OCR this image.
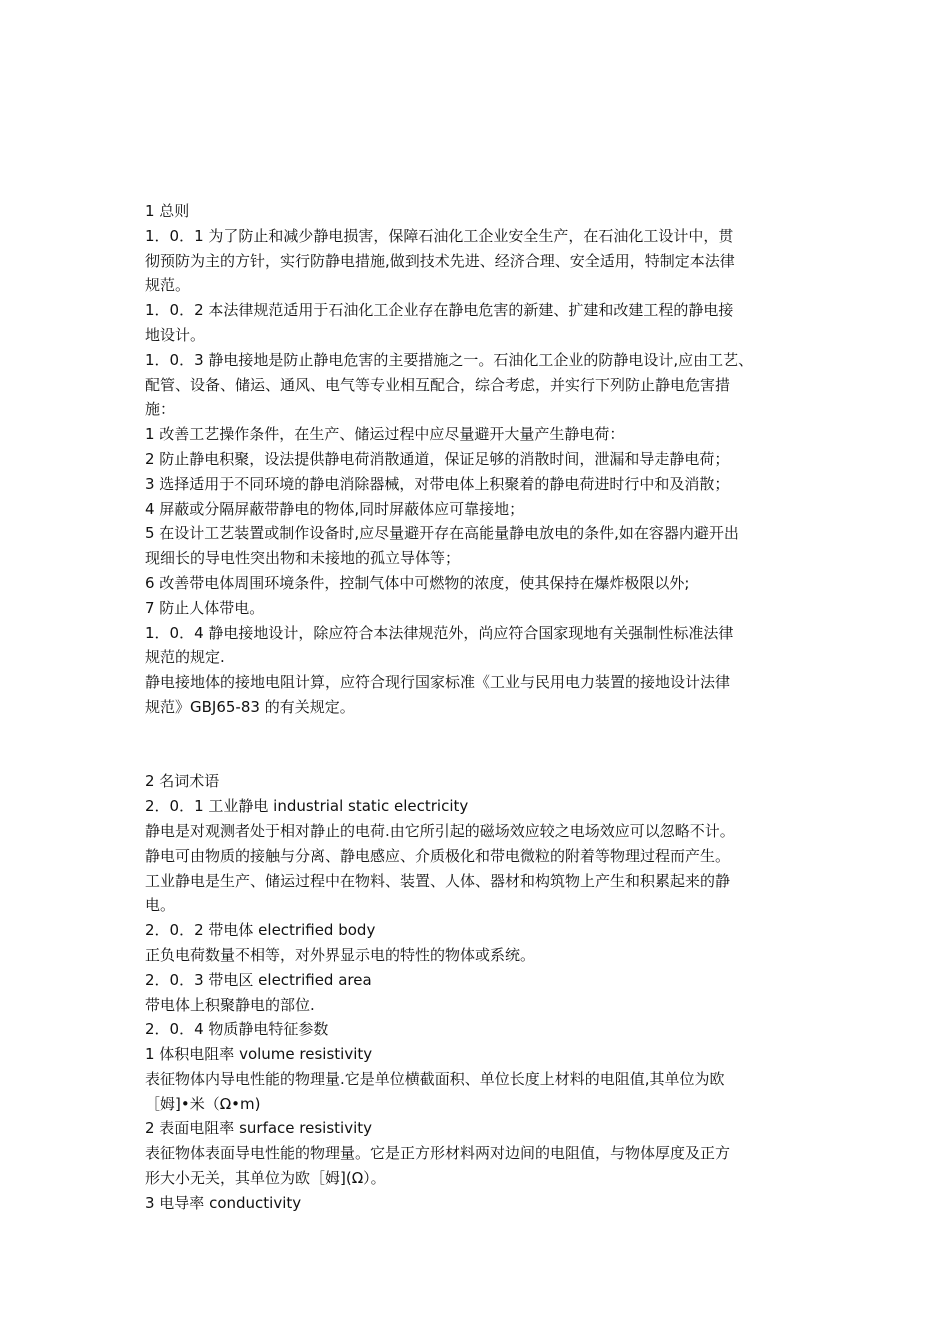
1 总则
1．0．1 为了防止和减少静电损害，保障石油化工企业安全生产，在石油化工设计中，贯
彻预防为主的方针，实行防静电措施,做到技术先进、经济合理、安全适用，特制定本法律
规范。
1．0．2 本法律规范适用于石油化工企业存在静电危害的新建、扩建和改建工程的静电接
地设计。
1．0．3 静电接地是防止静电危害的主要措施之一。石油化工企业的防静电设计,应由工艺、
配管、设备、储运、通风、电气等专业相互配合，综合考虑，并实行下列防止静电危害措
施：
1 改善工艺操作条件，在生产、储运过程中应尽量避开大量产生静电荷：
2 防止静电积聚，设法提供静电荷消散通道，保证足够的消散时间，泄漏和导走静电荷；
3 选择适用于不同环境的静电消除器械，对带电体上积聚着的静电荷进时行中和及消散；
4 屏蔽或分隔屏蔽带静电的物体,同时屏蔽体应可靠接地；
5 在设计工艺装置或制作设备时,应尽量避开存在高能量静电放电的条件,如在容器内避开出
现细长的导电性突出物和未接地的孤立导体等；
6 改善带电体周围环境条件，控制气体中可燃物的浓度，使其保持在爆炸极限以外;
7 防止人体带电。
1．0．4 静电接地设计，除应符合本法律规范外，尚应符合国家现地有关强制性标准法律
规范的规定.
静电接地体的接地电阻计算，应符合现行国家标准《工业与民用电力装置的接地设计法律
规范》GBJ65-83 的有关规定。
2 名词术语
2．0．1 工业静电 industrial static electricity
静电是对观测者处于相对静止的电荷.由它所引起的磁场效应较之电场效应可以忽略不计。
静电可由物质的接触与分离、静电感应、介质极化和带电微粒的附着等物理过程而产生。
工业静电是生产、储运过程中在物料、装置、人体、器材和构筑物上产生和积累起来的静
电。
2．0．2 带电体 electrified body
正负电荷数量不相等，对外界显示电的特性的物体或系统。
2．0．3 带电区 electrified area
带电体上积聚静电的部位.
2．0．4 物质静电特征参数
1 体积电阻率 volume resistivity
表征物体内导电性能的物理量.它是单位横截面积、单位长度上材料的电阻值,其单位为欧
［姆]•米（Ω•m)
2 表面电阻率 surface resistivity
表征物体表面导电性能的物理量。它是正方形材料两对边间的电阻值，与物体厚度及正方
形大小无关，其单位为欧［姆](Ω）。
3 电导率 conductivity
